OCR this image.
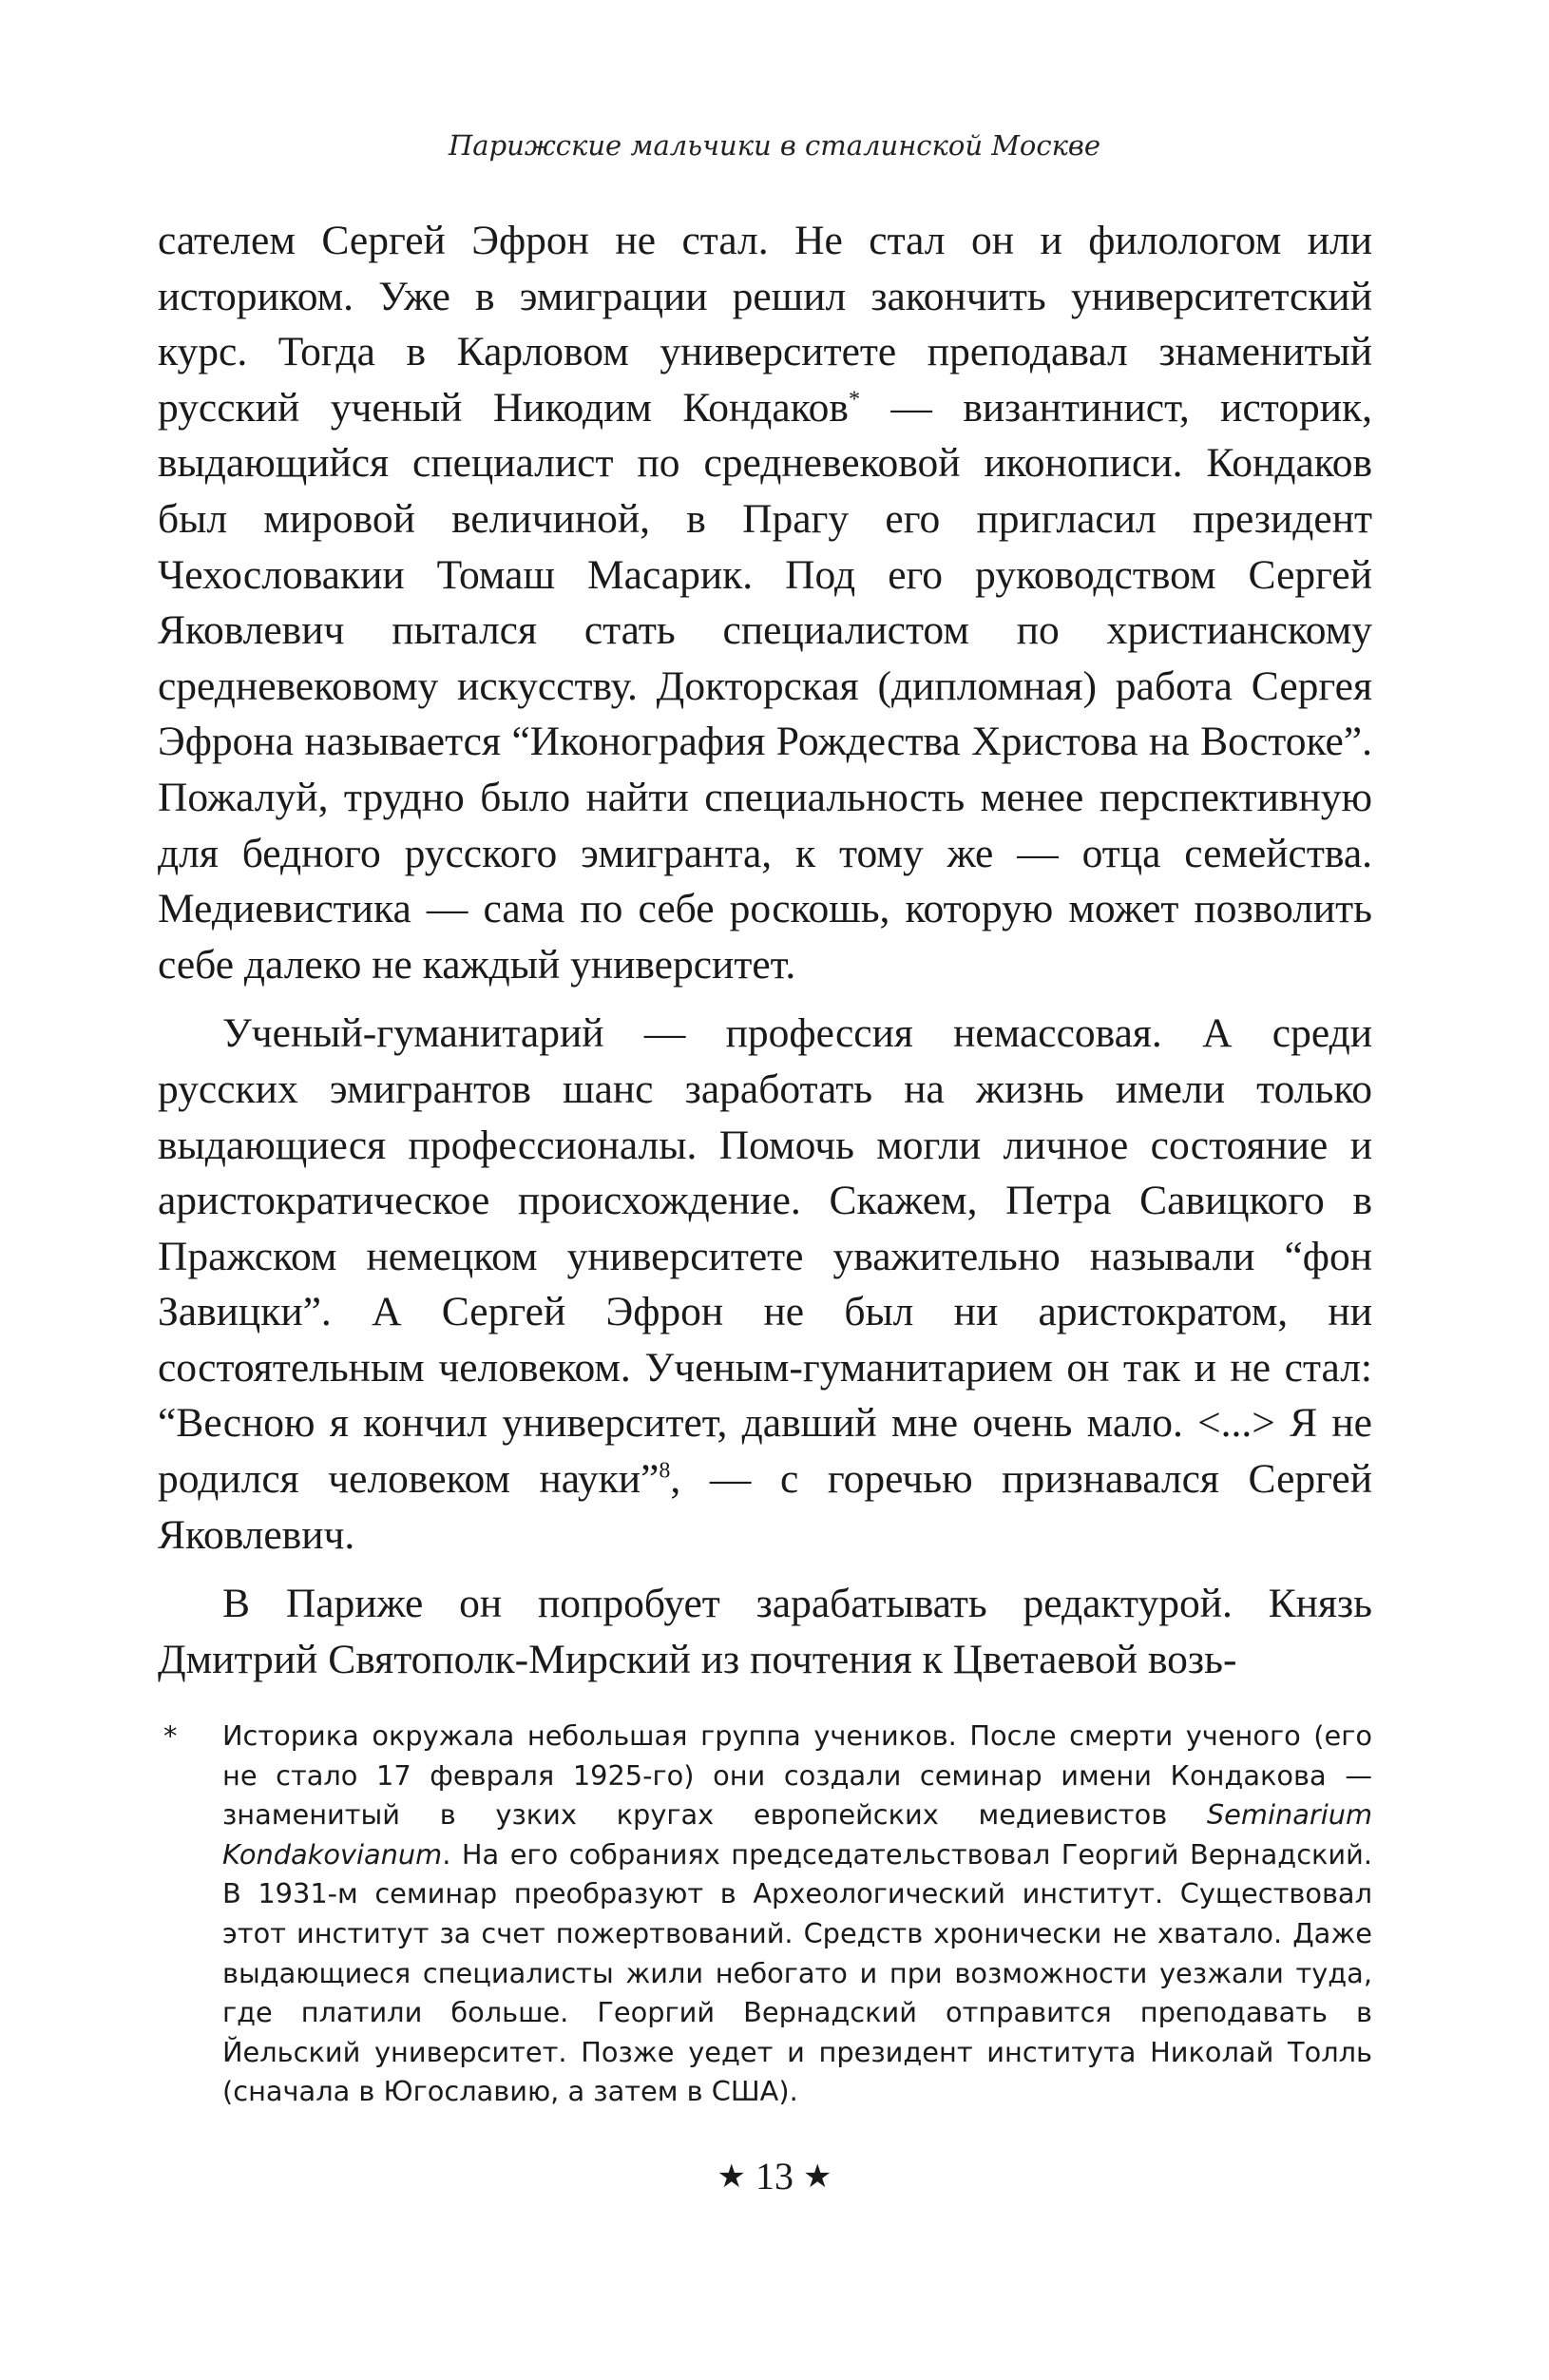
Парижские мальчики в сталинской Москве

сателем Сергей Эфрон не стал. Не стал он и филологом или историком. Уже в эмиграции решил закончить университетский курс. Тогда в Карловом университете преподавал знаменитый русский ученый Никодим Кондаков* — византинист, историк, выдающийся специалист по средневековой иконописи. Кондаков был мировой величиной, в Прагу его пригласил президент Чехословакии Томаш Масарик. Под его руководством Сергей Яковлевич пытался стать специалистом по христианскому средневековому искусству. Докторская (дипломная) работа Сергея Эфрона называется “Иконография Рождества Христова на Востоке”. Пожалуй, трудно было найти специальность менее перспективную для бедного русского эмигранта, к тому же — отца семейства. Медиевистика — сама по себе роскошь, которую может позволить себе далеко не каждый университет.

Ученый-гуманитарий — профессия немассовая. А среди русских эмигрантов шанс заработать на жизнь имели только выдающиеся профессионалы. Помочь могли личное состояние и аристократическое происхождение. Скажем, Петра Савицкого в Пражском немецком университете уважительно называли “фон Завицки”. А Сергей Эфрон не был ни аристократом, ни состоятельным человеком. Ученым-гуманитарием он так и не стал: “Весною я кончил университет, давший мне очень мало. <...> Я не родился человеком науки”$^8$, — с горечью признавался Сергей Яковлевич.

В Париже он попробует зарабатывать редактурой. Князь Дмитрий Святополк-Мирский из почтения к Цветаевой возь-

* Историка окружала небольшая группа учеников. После смерти ученого (его не стало 17 февраля 1925-го) они создали семинар имени Кондакова — знаменитый в узких кругах европейских медиевистов Seminarium Kondakovianum. На его собраниях председательствовал Георгий Вернадский. В 1931-м семинар преобразуют в Археологический институт. Существовал этот институт за счет пожертвований. Средств хронически не хватало. Даже выдающиеся специалисты жили небогато и при возможности уезжали туда, где платили больше. Георгий Вернадский отправится преподавать в Йельский университет. Позже уедет и президент института Николай Толль (сначала в Югославию, а затем в США).
★ 13 ★
